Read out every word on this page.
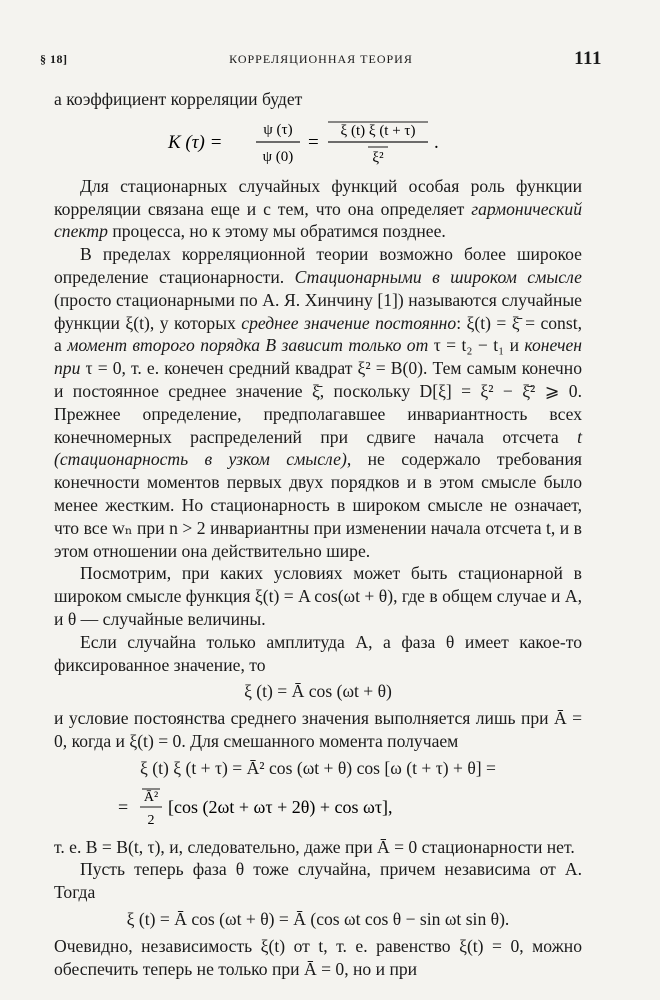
§ 18]	КОРРЕЛЯЦИОННАЯ ТЕОРИЯ	111

а коэффициент корреляции будет

K (τ) =
ψ (τ)
ψ (0)
=
ξ (t) ξ (t + τ)
ξ²
.

Для стационарных случайных функций особая роль функции корреляции связана еще и с тем, что она определяет гармонический спектр процесса, но к этому мы обратимся позднее.

В пределах корреляционной теории возможно более широкое определение стационарности. Стационарными в широком смысле (просто стационарными по А. Я. Хинчину [1]) называются случайные функции ξ(t), у которых среднее значение постоянно: ξ(t) = ξ̄ = const, а момент второго порядка B зависит только от τ = t₂ − t₁ и конечен при τ = 0, т. е. конечен средний квадрат ξ² = B(0). Тем самым конечно и постоянное среднее значение ξ̄, поскольку D[ξ] = ξ² − ξ̄² ⩾ 0. Прежнее определение, предполагавшее инвариантность всех конечномерных распределений при сдвиге начала отсчета t (стационарность в узком смысле), не содержало требования конечности моментов первых двух порядков и в этом смысле было менее жестким. Но стационарность в широком смысле не означает, что все wₙ при n > 2 инвариантны при изменении начала отсчета t, и в этом отношении она действительно шире.

Посмотрим, при каких условиях может быть стационарной в широком смысле функция ξ(t) = A cos(ωt + θ), где в общем случае и A, и θ — случайные величины.

Если случайна только амплитуда A, а фаза θ имеет какое-то фиксированное значение, то

ξ (t) = Ā cos (ωt + θ)

и условие постоянства среднего значения выполняется лишь при Ā = 0, когда и ξ(t) = 0. Для смешанного момента получаем

ξ (t) ξ (t + τ) = Ā² cos (ωt + θ) cos [ω (t + τ) + θ] =
= Ā²
2
[cos (2ωt + ωτ + 2θ) + cos ωτ],

т. е. B = B(t, τ), и, следовательно, даже при Ā = 0 стационарности нет.

Пусть теперь фаза θ тоже случайна, причем независима от A. Тогда

ξ (t) = Ā cos (ωt + θ) = Ā (cos ωt cos θ − sin ωt sin θ).

Очевидно, независимость ξ(t) от t, т. е. равенство ξ(t) = 0, можно обеспечить теперь не только при Ā = 0, но и при
